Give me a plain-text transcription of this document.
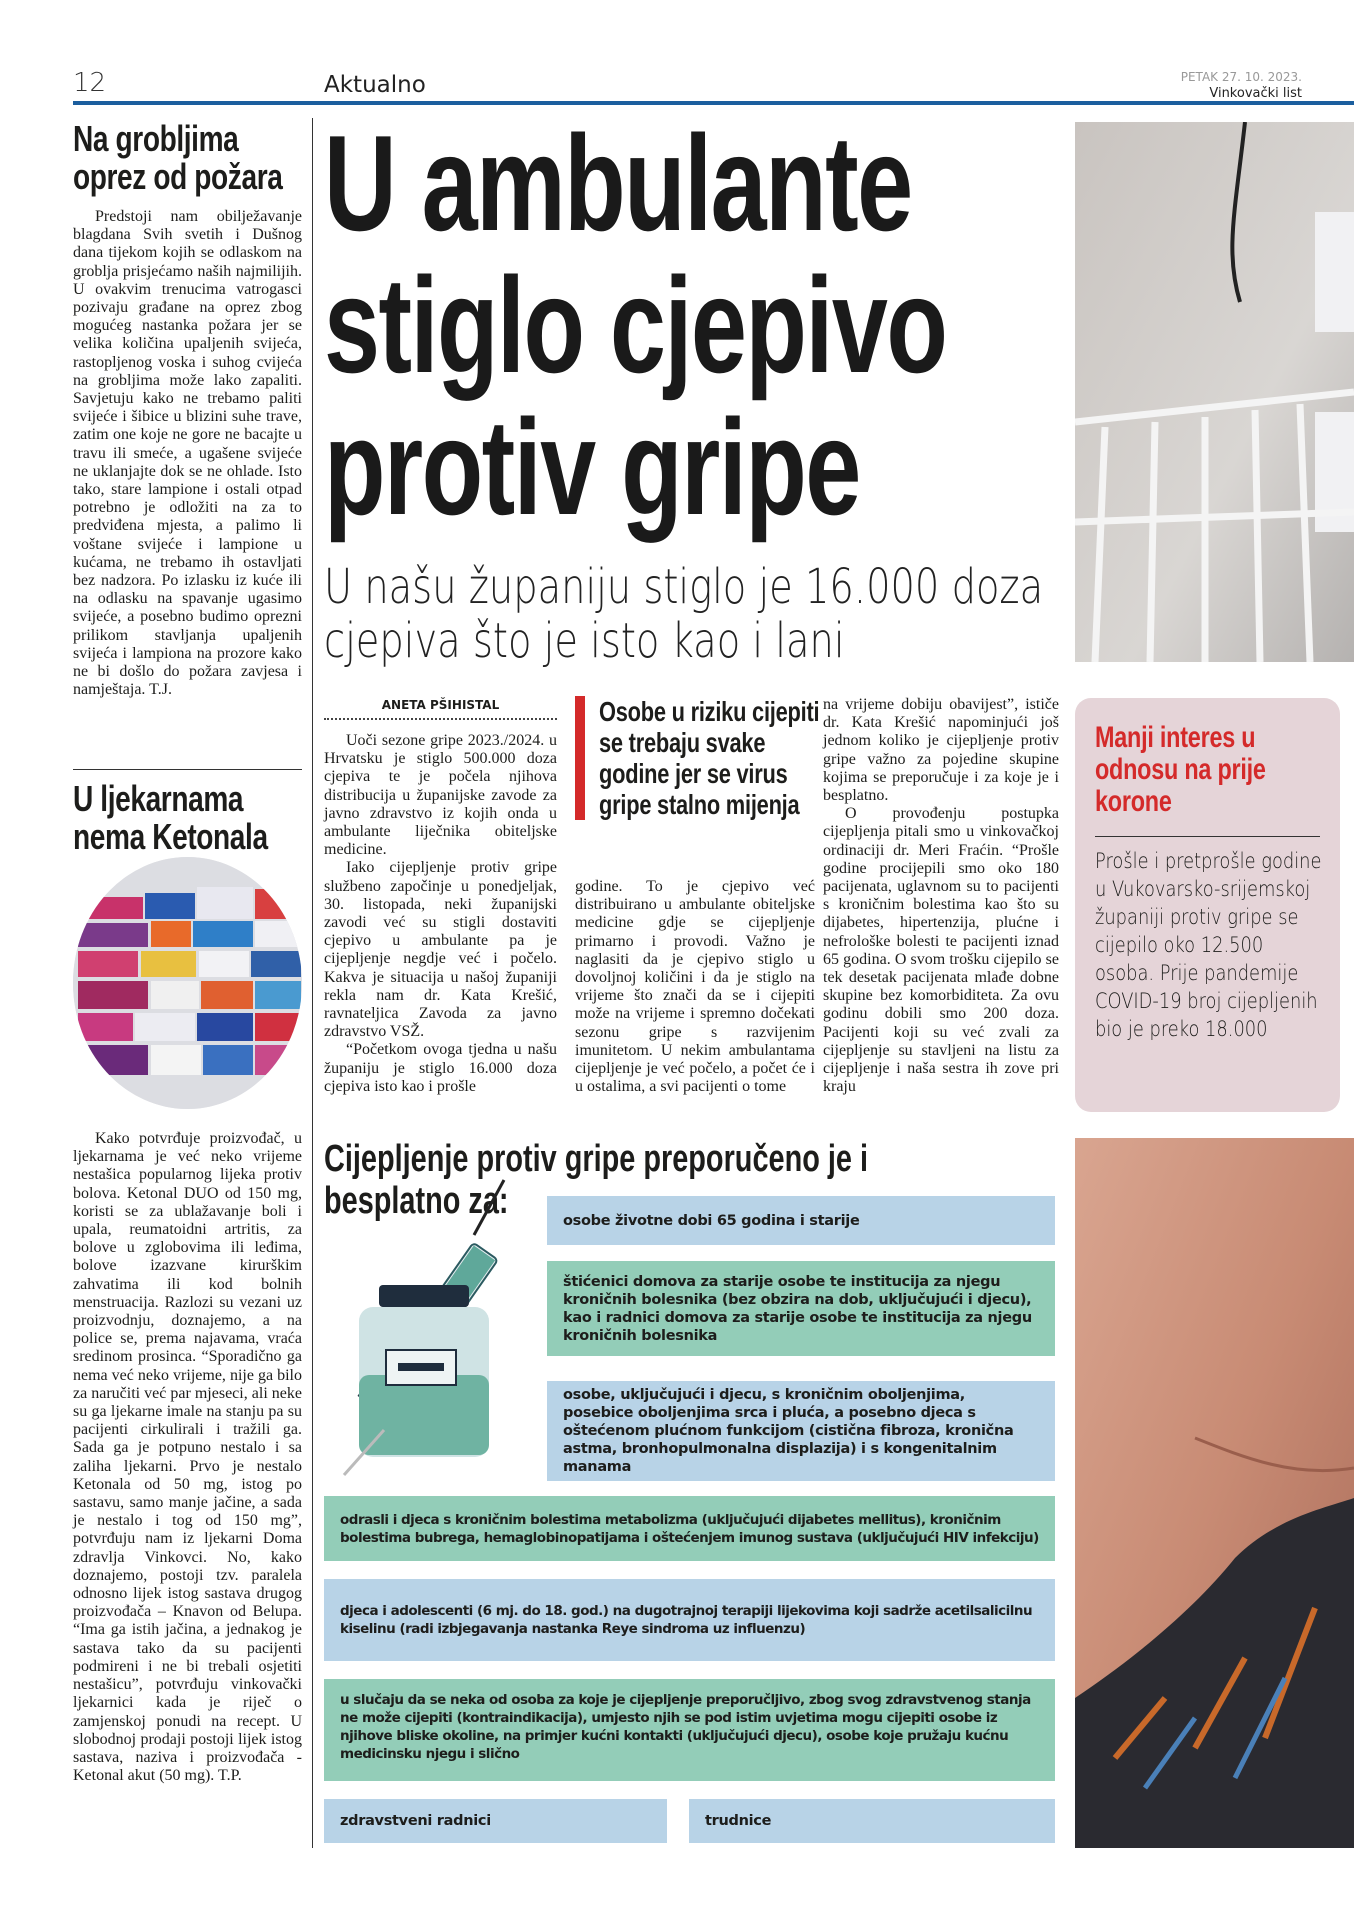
12	Aktualno	PETAK 27. 10. 2023.
Vinkovački list
Na grobljima oprez od požara

Predstoji nam obilježavanje blagdana Svih svetih i Dušnog dana tijekom kojih se odlaskom na groblja prisjećamo naših najmilijih. U ovakvim trenucima vatrogasci pozivaju građane na oprez zbog mogućeg nastanka požara jer se velika količina upaljenih svijeća, rastopljenog voska i suhog cvijeća na grobljima može lako zapaliti. Savjetuju kako ne trebamo paliti svijeće i šibice u blizini suhe trave, zatim one koje ne gore ne bacajte u travu ili smeće, a ugašene svijeće ne uklanjajte dok se ne ohlade. Isto tako, stare lampione i ostali otpad potrebno je odložiti na za to predviđena mjesta, a palimo li voštane svijeće i lampione u kućama, ne trebamo ih ostavljati bez nadzora. Po izlasku iz kuće ili na odlasku na spavanje ugasimo svijeće, a posebno budimo oprezni prilikom stavljanja upaljenih svijeća i lampiona na prozore kako ne bi došlo do požara zavjesa i namještaja. T.J.

U ljekarnama nema Ketonala

Kako potvrđuje proizvođač, u ljekarnama je već neko vrijeme nestašica popularnog lijeka protiv bolova. Ketonal DUO od 150 mg, koristi se za ublažavanje boli i upala, reumatoidni artritis, za bolove u zglobovima ili leđima, bolove izazvane kirurškim zahvatima ili kod bolnih menstruacija. Razlozi su vezani uz proizvodnju, doznajemo, a na police se, prema najavama, vraća sredinom prosinca. “Sporadično ga nema već neko vrijeme, nije ga bilo za naručiti već par mjeseci, ali neke su ga ljekarne imale na stanju pa su pacijenti cirkulirali i tražili ga. Sada ga je potpuno nestalo i sa zaliha ljekarni. Prvo je nestalo Ketonala od 50 mg, istog po sastavu, samo manje jačine, a sada je nestalo i tog od 150 mg”, potvrđuju nam iz ljekarni Doma zdravlja Vinkovci. No, kako doznajemo, postoji tzv. paralela odnosno lijek istog sastava drugog proizvođača – Knavon od Belupa. “Ima ga istih jačina, a jednakog je sastava tako da su pacijenti podmireni i ne bi trebali osjetiti nestašicu”, potvrđuju vinkovački ljekarnici kada je riječ o zamjenskoj ponudi na recept. U slobodnoj prodaji postoji lijek istog sastava, naziva i proizvođača - Ketonal akut (50 mg). T.P.

U ambulante stiglo cjepivo protiv gripe
U našu županiju stiglo je 16.000 doza cjepiva što je isto kao i lani
ANETA PŠIHISTAL

Uoči sezone gripe 2023./2024. u Hrvatsku je stiglo 500.000 doza cjepiva te je počela njihova distribucija u županijske zavode za javno zdravstvo iz kojih onda u ambulante liječnika obiteljske medicine.

Iako cijepljenje protiv gripe službeno započinje u ponedjeljak, 30. listopada, neki županijski zavodi već su stigli dostaviti cjepivo u ambulante pa je cijepljenje negdje već i počelo. Kakva je situacija u našoj županiji rekla nam dr. Kata Krešić, ravnateljica Zavoda za javno zdravstvo VSŽ.

“Početkom ovoga tjedna u našu županiju je stiglo 16.000 doza cjepiva isto kao i prošle

Osobe u riziku cijepiti se trebaju svake godine jer se virus gripe stalno mijenja

godine. To je cjepivo već distribuirano u ambulante obiteljske medicine gdje se cijepljenje primarno i provodi. Važno je naglasiti da je cjepivo stiglo u dovoljnoj količini i da je stiglo na vrijeme što znači da se i cijepiti može na vrijeme i spremno dočekati sezonu gripe s razvijenim imunitetom. U nekim ambulantama cijepljenje je već počelo, a počet će i u ostalima, a svi pacijenti o tome

na vrijeme dobiju obavijest”, ističe dr. Kata Krešić napominjući još jednom koliko je cijepljenje protiv gripe važno za pojedine skupine kojima se preporučuje i za koje je i besplatno.

O provođenju postupka cijepljenja pitali smo u vinkovačkoj ordinaciji dr. Meri Fraćin. “Prošle godine procijepili smo oko 180 pacijenata, uglavnom su to pacijenti s kroničnim bolestima kao što su dijabetes, hipertenzija, plućne i nefrološke bolesti te pacijenti iznad 65 godina. O svom trošku cijepilo se tek desetak pacijenata mlađe dobne skupine bez komorbiditeta. Za ovu godinu dobili smo 200 doza. Pacijenti koji su već zvali za cijepljenje su stavljeni na listu za cijepljenje i naša sestra ih zove pri kraju

Manji interes u odnosu na prije korone
Prošle i pretprošle godine u Vukovarsko-srijemskoj županiji protiv gripe se cijepilo oko 12.500 osoba. Prije pandemije COVID-19 broj cijepljenih bio je preko 18.000
Cijepljenje protiv gripe preporučeno je i besplatno za:	osobe životne dobi 65 godina i starije
štićenici domova za starije osobe te institucija za njegu kroničnih bolesnika (bez obzira na dob, uključujući i djecu), kao i radnici domova za starije osobe te institucija za njegu kroničnih bolesnika
osobe, uključujući i djecu, s kroničnim oboljenjima, posebice oboljenjima srca i pluća, a posebno djeca s oštećenom plućnom funkcijom (cistična fibroza, kronična astma, bronhopulmonalna displazija) i s kongenitalnim manama
odrasli i djeca s kroničnim bolestima metabolizma (uključujući dijabetes mellitus), kroničnim bolestima bubrega, hemaglobinopatijama i oštećenjem imunog sustava (uključujući HIV infekciju)
djeca i adolescenti (6 mj. do 18. god.) na dugotrajnoj terapiji lijekovima koji sadrže acetilsalicilnu kiselinu (radi izbjegavanja nastanka Reye sindroma uz influenzu)
u slučaju da se neka od osoba za koje je cijepljenje preporučljivo, zbog svog zdravstvenog stanja ne može cijepiti (kontraindikacija), umjesto njih se pod istim uvjetima mogu cijepiti osobe iz njihove bliske okoline, na primjer kućni kontakti (uključujući djecu), osobe koje pružaju kućnu medicinsku njegu i slično
zdravstveni radnici	trudnice
